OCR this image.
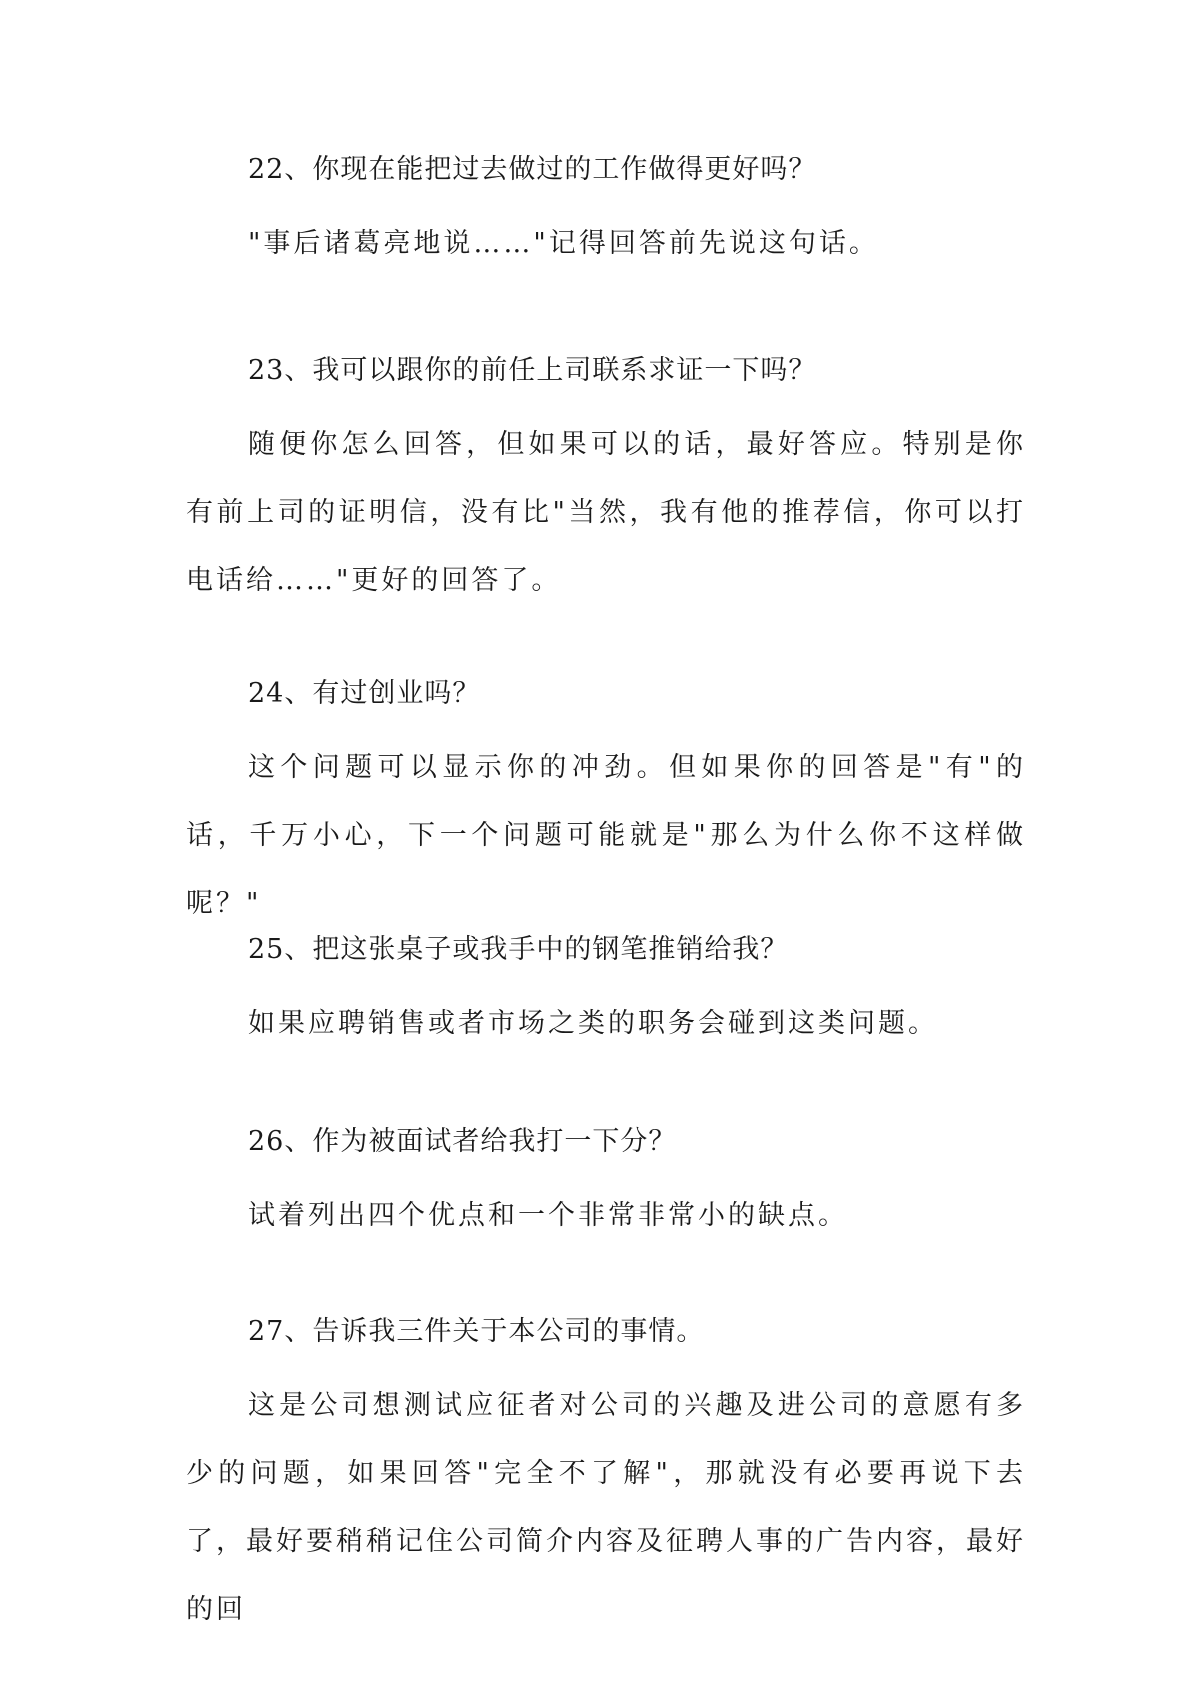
22、你现在能把过去做过的工作做得更好吗？

"事后诸葛亮地说……"记得回答前先说这句话。

23、我可以跟你的前任上司联系求证一下吗？

随便你怎么回答，但如果可以的话，最好答应。特别是你有前上司的证明信，没有比"当然，我有他的推荐信，你可以打电话给……"更好的回答了。

24、有过创业吗？

这个问题可以显示你的冲劲。但如果你的回答是"有"的话，千万小心，下一个问题可能就是"那么为什么你不这样做呢？"

25、把这张桌子或我手中的钢笔推销给我？

如果应聘销售或者市场之类的职务会碰到这类问题。

26、作为被面试者给我打一下分？

试着列出四个优点和一个非常非常小的缺点。

27、告诉我三件关于本公司的事情。

这是公司想测试应征者对公司的兴趣及进公司的意愿有多少的问题，如果回答"完全不了解"，那就没有必要再说下去了，最好要稍稍记住公司简介内容及征聘人事的广告内容，最好的回
